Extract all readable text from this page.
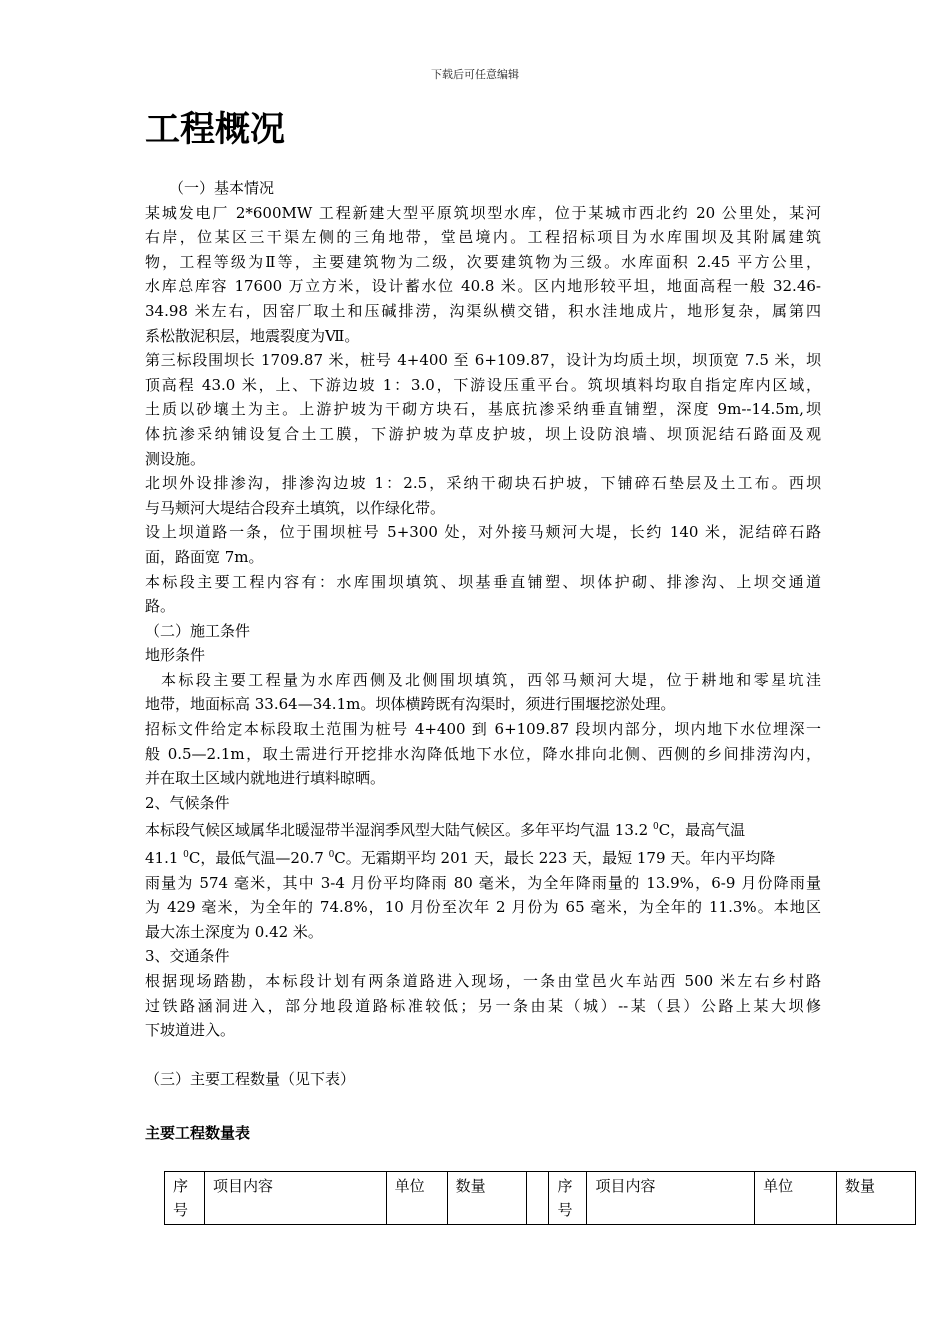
下载后可任意编辑
工程概况
（一）基本情况
某城发电厂 2*600MW 工程新建大型平原筑坝型水库，位于某城市西北约 20 公里处，某河
右岸，位某区三干渠左侧的三角地带，堂邑境内。工程招标项目为水库围坝及其附属建筑
物，工程等级为Ⅱ等，主要建筑物为二级，次要建筑物为三级。水库面积 2.45 平方公里，
水库总库容 17600 万立方米，设计蓄水位 40.8 米。区内地形较平坦，地面高程一般 32.46-
34.98 米左右，因窑厂取土和压碱排涝，沟渠纵横交错，积水洼地成片，地形复杂，属第四
系松散泥积层，地震裂度为Ⅶ。
第三标段围坝长 1709.87 米，桩号 4+400 至 6+109.87，设计为均质土坝，坝顶宽 7.5 米，坝
顶高程 43.0 米，上、下游边坡 1：3.0，下游设压重平台。筑坝填料均取自指定库内区域，
土质以砂壤土为主。上游护坡为干砌方块石，基底抗渗采纳垂直铺塑，深度 9m--14.5m,坝
体抗渗采纳铺设复合土工膜，下游护坡为草皮护坡，坝上设防浪墙、坝顶泥结石路面及观
测设施。
北坝外设排渗沟，排渗沟边坡 1：2.5，采纳干砌块石护坡，下铺碎石垫层及土工布。西坝
与马颊河大堤结合段弃土填筑，以作绿化带。
设上坝道路一条，位于围坝桩号 5+300 处，对外接马颊河大堤，长约 140 米，泥结碎石路
面，路面宽 7m。
本标段主要工程内容有：水库围坝填筑、坝基垂直铺塑、坝体护砌、排渗沟、上坝交通道
路。
（二）施工条件
地形条件
本标段主要工程量为水库西侧及北侧围坝填筑，西邻马颊河大堤，位于耕地和零星坑洼
地带，地面标高 33.64—34.1m。坝体横跨既有沟渠时，须进行围堰挖淤处理。
招标文件给定本标段取土范围为桩号 4+400 到 6+109.87 段坝内部分，坝内地下水位埋深一
般 0.5—2.1m，取土需进行开挖排水沟降低地下水位，降水排向北侧、西侧的乡间排涝沟内，
并在取土区域内就地进行填料晾晒。
2、气候条件
本标段气候区域属华北暖湿带半湿润季风型大陆气候区。多年平均气温 13.2 $^0$C，最高气温
41.1 $^0$C，最低气温—20.7 $^0$C。无霜期平均 201 天，最长 223 天，最短 179 天。年内平均降
雨量为 574 毫米，其中 3-4 月份平均降雨 80 毫米，为全年降雨量的 13.9%，6-9 月份降雨量
为 429 毫米，为全年的 74.8%，10 月份至次年 2 月份为 65 毫米，为全年的 11.3%。本地区
最大冻土深度为 0.42 米。
3、交通条件
根据现场踏勘，本标段计划有两条道路进入现场，一条由堂邑火车站西 500 米左右乡村路
过铁路涵洞进入，部分地段道路标准较低；另一条由某（城）--某（县）公路上某大坝修
下坡道进入。
（三）主要工程数量（见下表）
主要工程数量表
序号	项目内容	单位	数量		序号	项目内容	单位	数量
